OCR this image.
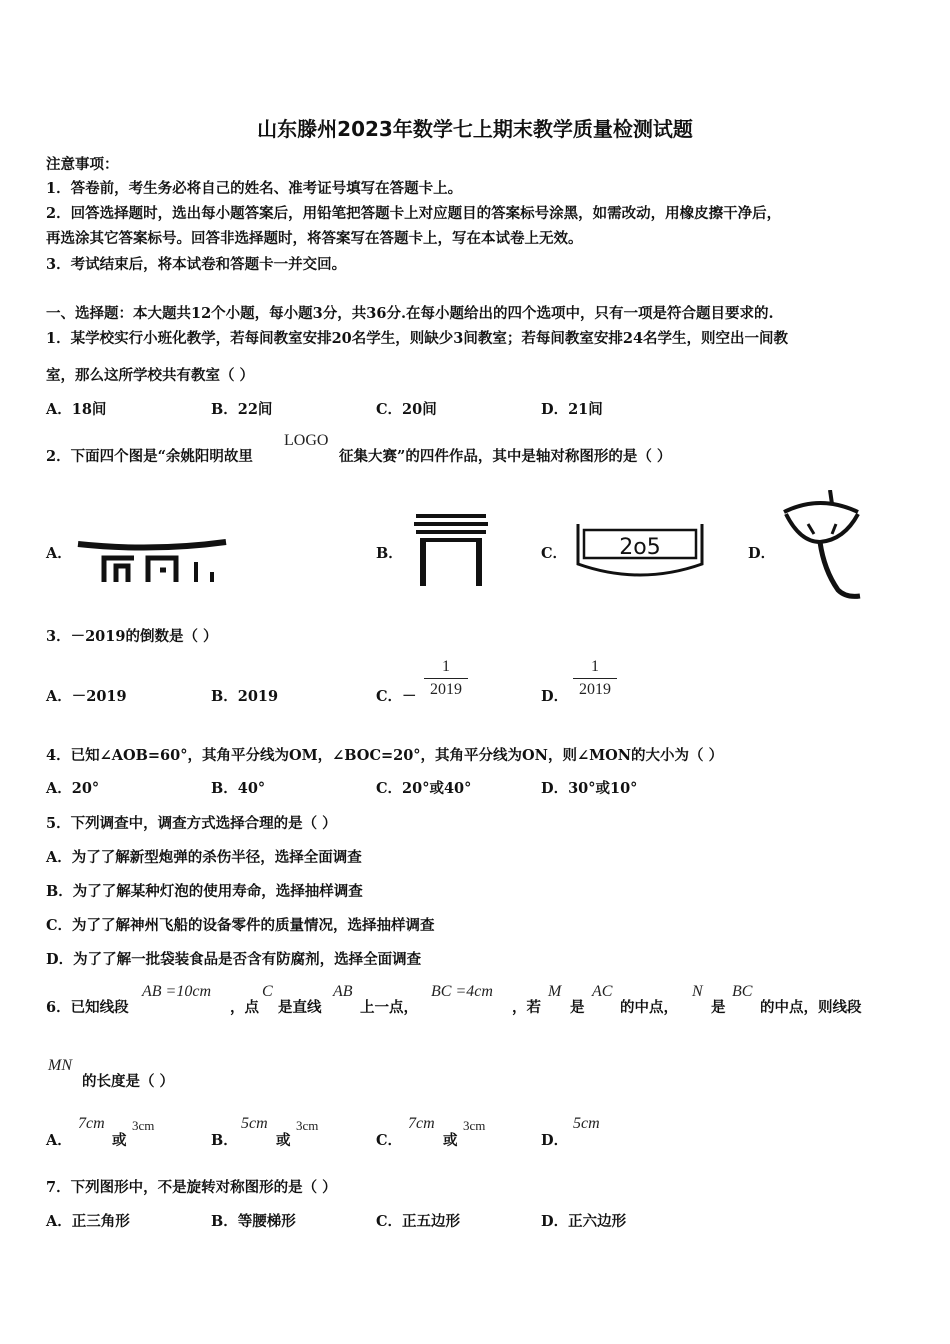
山东滕州2023年数学七上期末教学质量检测试题
注意事项：
1．答卷前，考生务必将自己的姓名、准考证号填写在答题卡上。
2．回答选择题时，选出每小题答案后，用铅笔把答题卡上对应题目的答案标号涂黑，如需改动，用橡皮擦干净后，
再选涂其它答案标号。回答非选择题时，将答案写在答题卡上，写在本试卷上无效。
3．考试结束后，将本试卷和答题卡一并交回。
一、选择题：本大题共12个小题，每小题3分，共36分.在每小题给出的四个选项中，只有一项是符合题目要求的.
1．某学校实行小班化教学，若每间教室安排20名学生，则缺少3间教室；若每间教室安排24名学生，则空出一间教
室，那么这所学校共有教室（ ）
A．18间	B．22间	C．20间	D．21间
2．下面四个图是“余姚阳明故里
LOGO
征集大赛”的四件作品，其中是轴对称图形的是（ ）
A．	B．	C． 2o5	D．
3．－2019的倒数是（ ）
A．－2019	B．2019	C．－
1
2019	D．
1
2019
4．已知∠AOB=60°，其角平分线为OM，∠BOC=20°，其角平分线为ON，则∠MON的大小为（ ）
A．20°	B．40°	C．20°或40°	D．30°或10°
5．下列调查中，调查方式选择合理的是（ ）
A．为了了解新型炮弹的杀伤半径，选择全面调查
B．为了了解某种灯泡的使用寿命，选择抽样调查
C．为了了解神州飞船的设备零件的质量情况，选择抽样调查
D．为了了解一批袋装食品是否含有防腐剂，选择全面调查
6．已知线段
AB =10cm
，点
C
是直线
AB
上一点，
BC =4cm
，若
M
是
AC
的中点，
N
是
BC
的中点，则线段
MN
的长度是（ ）
A．
7cm
或
3cm
B．
5cm
或
3cm
C．
7cm
或
3cm
D．
5cm
7．下列图形中，不是旋转对称图形的是（ ）
A．正三角形	B．等腰梯形	C．正五边形	D．正六边形
